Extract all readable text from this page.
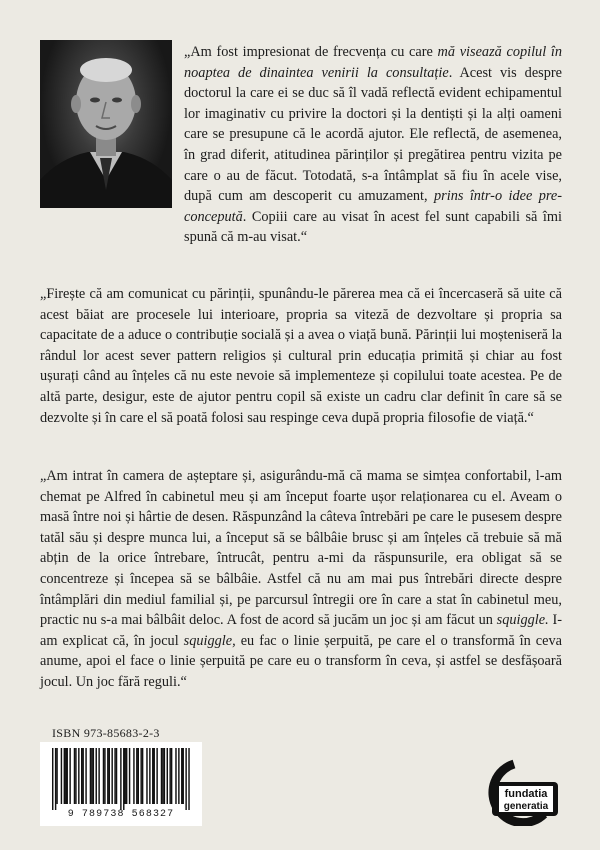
„Am fost impresionat de frecvența cu care mă visează copilul în noaptea de dinaintea venirii la consultație. Acest vis despre doctorul la care ei se duc să îl vadă reflectă evident echipamentul lor imaginativ cu privire la doctori și la dentiști și la alți oameni care se presupune că le acordă ajutor. Ele reflectă, de asemenea, în grad diferit, atitudinea părinților și pregătirea pentru vizita pe care o au de făcut. Totodată, s-a întâmplat să fiu în acele vise, după cum am descoperit cu amuzament, prins într-o idee pre-concepută. Copiii care au visat în acest fel sunt capabili să îmi spună că m-au visat.“

„Firește că am comunicat cu părinții, spunându-le părerea mea că ei încercaseră să uite că acest băiat are procesele lui interioare, propria sa viteză de dezvoltare și propria sa capacitate de a aduce o contribuție socială și a avea o viață bună. Părinții lui moșteniseră la rândul lor acest sever pattern religios și cultural prin educația primită și chiar au fost ușurați când au înțeles că nu este nevoie să implementeze și copilului toate acestea. Pe de altă parte, desigur, este de ajutor pentru copil să existe un cadru clar definit în care să se dezvolte și în care el să poată folosi sau respinge ceva după propria filosofie de viață.“

„Am intrat în camera de așteptare și, asigurându-mă că mama se simțea confortabil, l-am chemat pe Alfred în cabinetul meu și am început foarte ușor relaționarea cu el. Aveam o masă între noi și hârtie de desen. Răspunzând la câteva întrebări pe care le pusesem despre tatăl său și despre munca lui, a început să se bâlbâie brusc și am înțeles că trebuie să mă abțin de la orice întrebare, întrucât, pentru a-mi da răspunsurile, era obligat să se concentreze și începea să se bâlbâie. Astfel că nu am mai pus întrebări directe despre întâmplări din mediul familial și, pe parcursul întregii ore în care a stat în cabinetul meu, practic nu s-a mai bâlbâit deloc. A fost de acord să jucăm un joc și am făcut un squiggle. I-am explicat că, în jocul squiggle, eu fac o linie șerpuită, pe care el o transformă în ceva anume, apoi el face o linie șerpuită pe care eu o transform în ceva, și astfel se desfășoară jocul. Un joc fără reguli.“

ISBN 973-85683-2-3
9 789738 568327
fundatia
generatia
